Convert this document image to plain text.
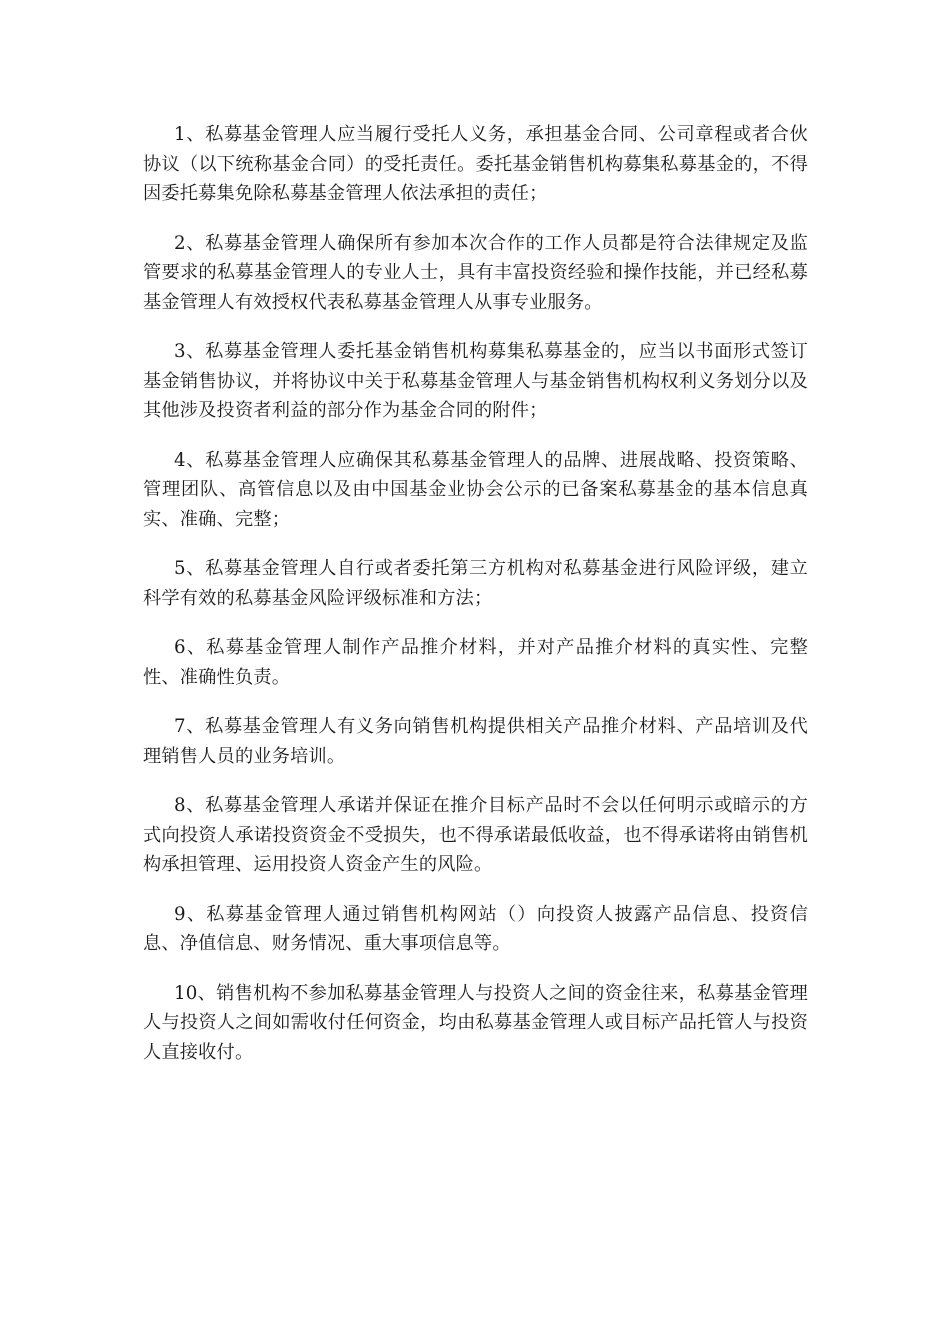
1、私募基金管理人应当履行受托人义务，承担基金合同、公司章程或者合伙协议（以下统称基金合同）的受托责任。委托基金销售机构募集私募基金的，不得因委托募集免除私募基金管理人依法承担的责任；

2、私募基金管理人确保所有参加本次合作的工作人员都是符合法律规定及监管要求的私募基金管理人的专业人士，具有丰富投资经验和操作技能，并已经私募基金管理人有效授权代表私募基金管理人从事专业服务。

3、私募基金管理人委托基金销售机构募集私募基金的，应当以书面形式签订基金销售协议，并将协议中关于私募基金管理人与基金销售机构权利义务划分以及其他涉及投资者利益的部分作为基金合同的附件；

4、私募基金管理人应确保其私募基金管理人的品牌、进展战略、投资策略、管理团队、高管信息以及由中国基金业协会公示的已备案私募基金的基本信息真实、准确、完整；

5、私募基金管理人自行或者委托第三方机构对私募基金进行风险评级，建立科学有效的私募基金风险评级标准和方法；

6、私募基金管理人制作产品推介材料，并对产品推介材料的真实性、完整性、准确性负责。

7、私募基金管理人有义务向销售机构提供相关产品推介材料、产品培训及代理销售人员的业务培训。

8、私募基金管理人承诺并保证在推介目标产品时不会以任何明示或暗示的方式向投资人承诺投资资金不受损失，也不得承诺最低收益，也不得承诺将由销售机构承担管理、运用投资人资金产生的风险。

9、私募基金管理人通过销售机构网站（）向投资人披露产品信息、投资信息、净值信息、财务情况、重大事项信息等。

10、销售机构不参加私募基金管理人与投资人之间的资金往来，私募基金管理人与投资人之间如需收付任何资金，均由私募基金管理人或目标产品托管人与投资人直接收付。
